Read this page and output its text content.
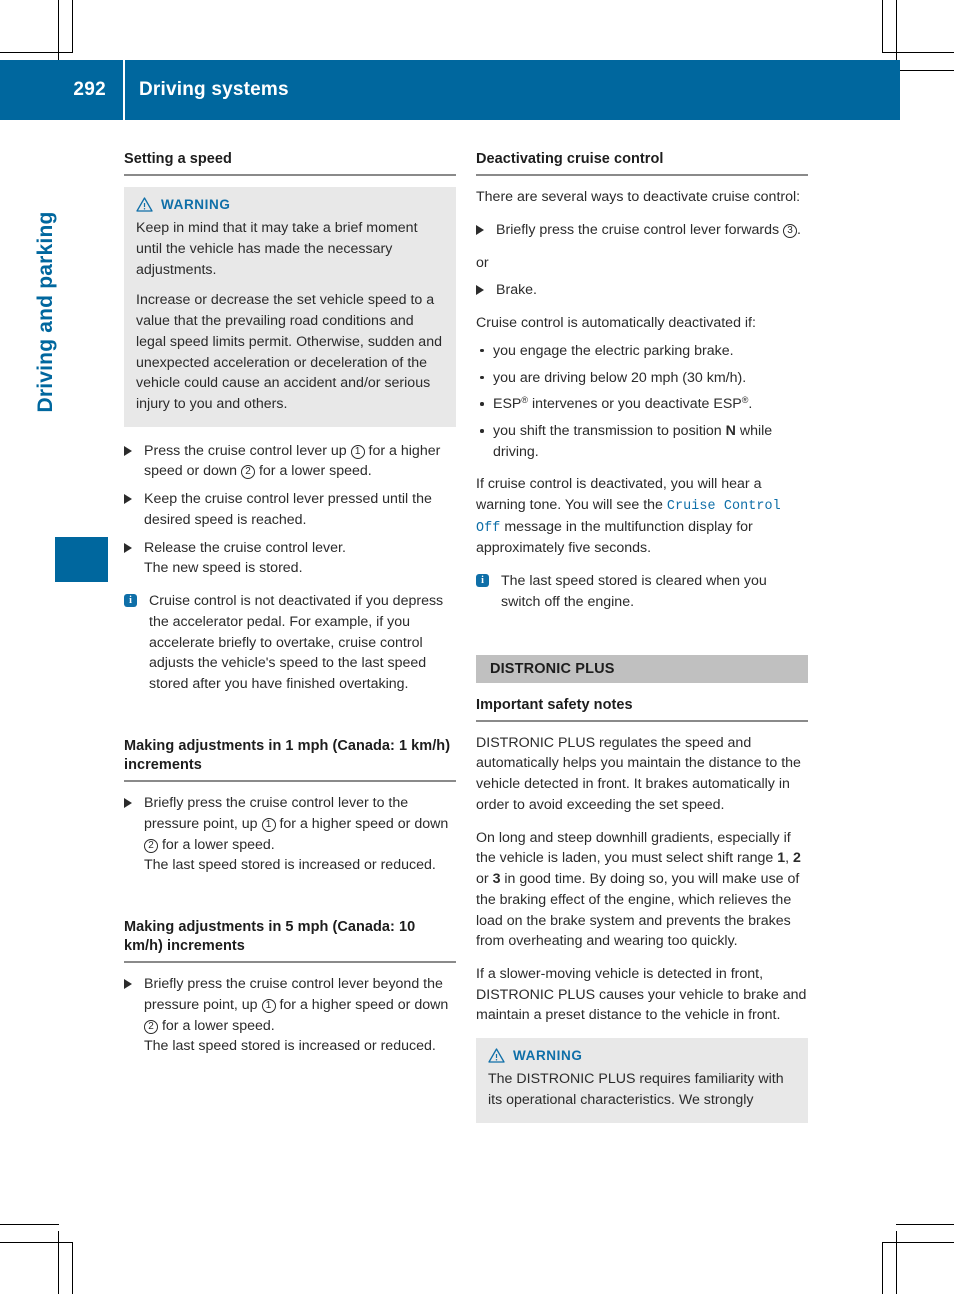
292	Driving systems
Driving and parking
Setting a speed
WARNING

Keep in mind that it may take a brief moment until the vehicle has made the necessary adjustments.

Increase or decrease the set vehicle speed to a value that the prevailing road conditions and legal speed limits permit. Otherwise, sudden and unexpected acceleration or deceleration of the vehicle could cause an accident and/or serious injury to you and others.

Press the cruise control lever up 1 for a higher speed or down 2 for a lower speed.
Keep the cruise control lever pressed until the desired speed is reached.
Release the cruise control lever.
The new speed is stored.
i	Cruise control is not deactivated if you depress the accelerator pedal. For example, if you accelerate briefly to overtake, cruise control adjusts the vehicle's speed to the last speed stored after you have finished overtaking.
Making adjustments in 1 mph (Canada: 1 km/h) increments
Briefly press the cruise control lever to the pressure point, up 1 for a higher speed or down 2 for a lower speed.
The last speed stored is increased or reduced.
Making adjustments in 5 mph (Canada: 10 km/h) increments
Briefly press the cruise control lever beyond the pressure point, up 1 for a higher speed or down 2 for a lower speed.
The last speed stored is increased or reduced.
Deactivating cruise control

There are several ways to deactivate cruise control:

Briefly press the cruise control lever forwards 3 .

or

Brake.

Cruise control is automatically deactivated if:

you engage the electric parking brake.
you are driving below 20 mph (30 km/h).
ESP® intervenes or you deactivate ESP®.
you shift the transmission to position N while driving.

If cruise control is deactivated, you will hear a warning tone. You will see the Cruise Control Off message in the multifunction display for approximately five seconds.

i	The last speed stored is cleared when you switch off the engine.
DISTRONIC PLUS
Important safety notes

DISTRONIC PLUS regulates the speed and automatically helps you maintain the distance to the vehicle detected in front. It brakes automatically in order to avoid exceeding the set speed.

On long and steep downhill gradients, especially if the vehicle is laden, you must select shift range 1, 2 or 3 in good time. By doing so, you will make use of the braking effect of the engine, which relieves the load on the brake system and prevents the brakes from overheating and wearing too quickly.

If a slower-moving vehicle is detected in front, DISTRONIC PLUS causes your vehicle to brake and maintain a preset distance to the vehicle in front.

WARNING

The DISTRONIC PLUS requires familiarity with its operational characteristics. We strongly
